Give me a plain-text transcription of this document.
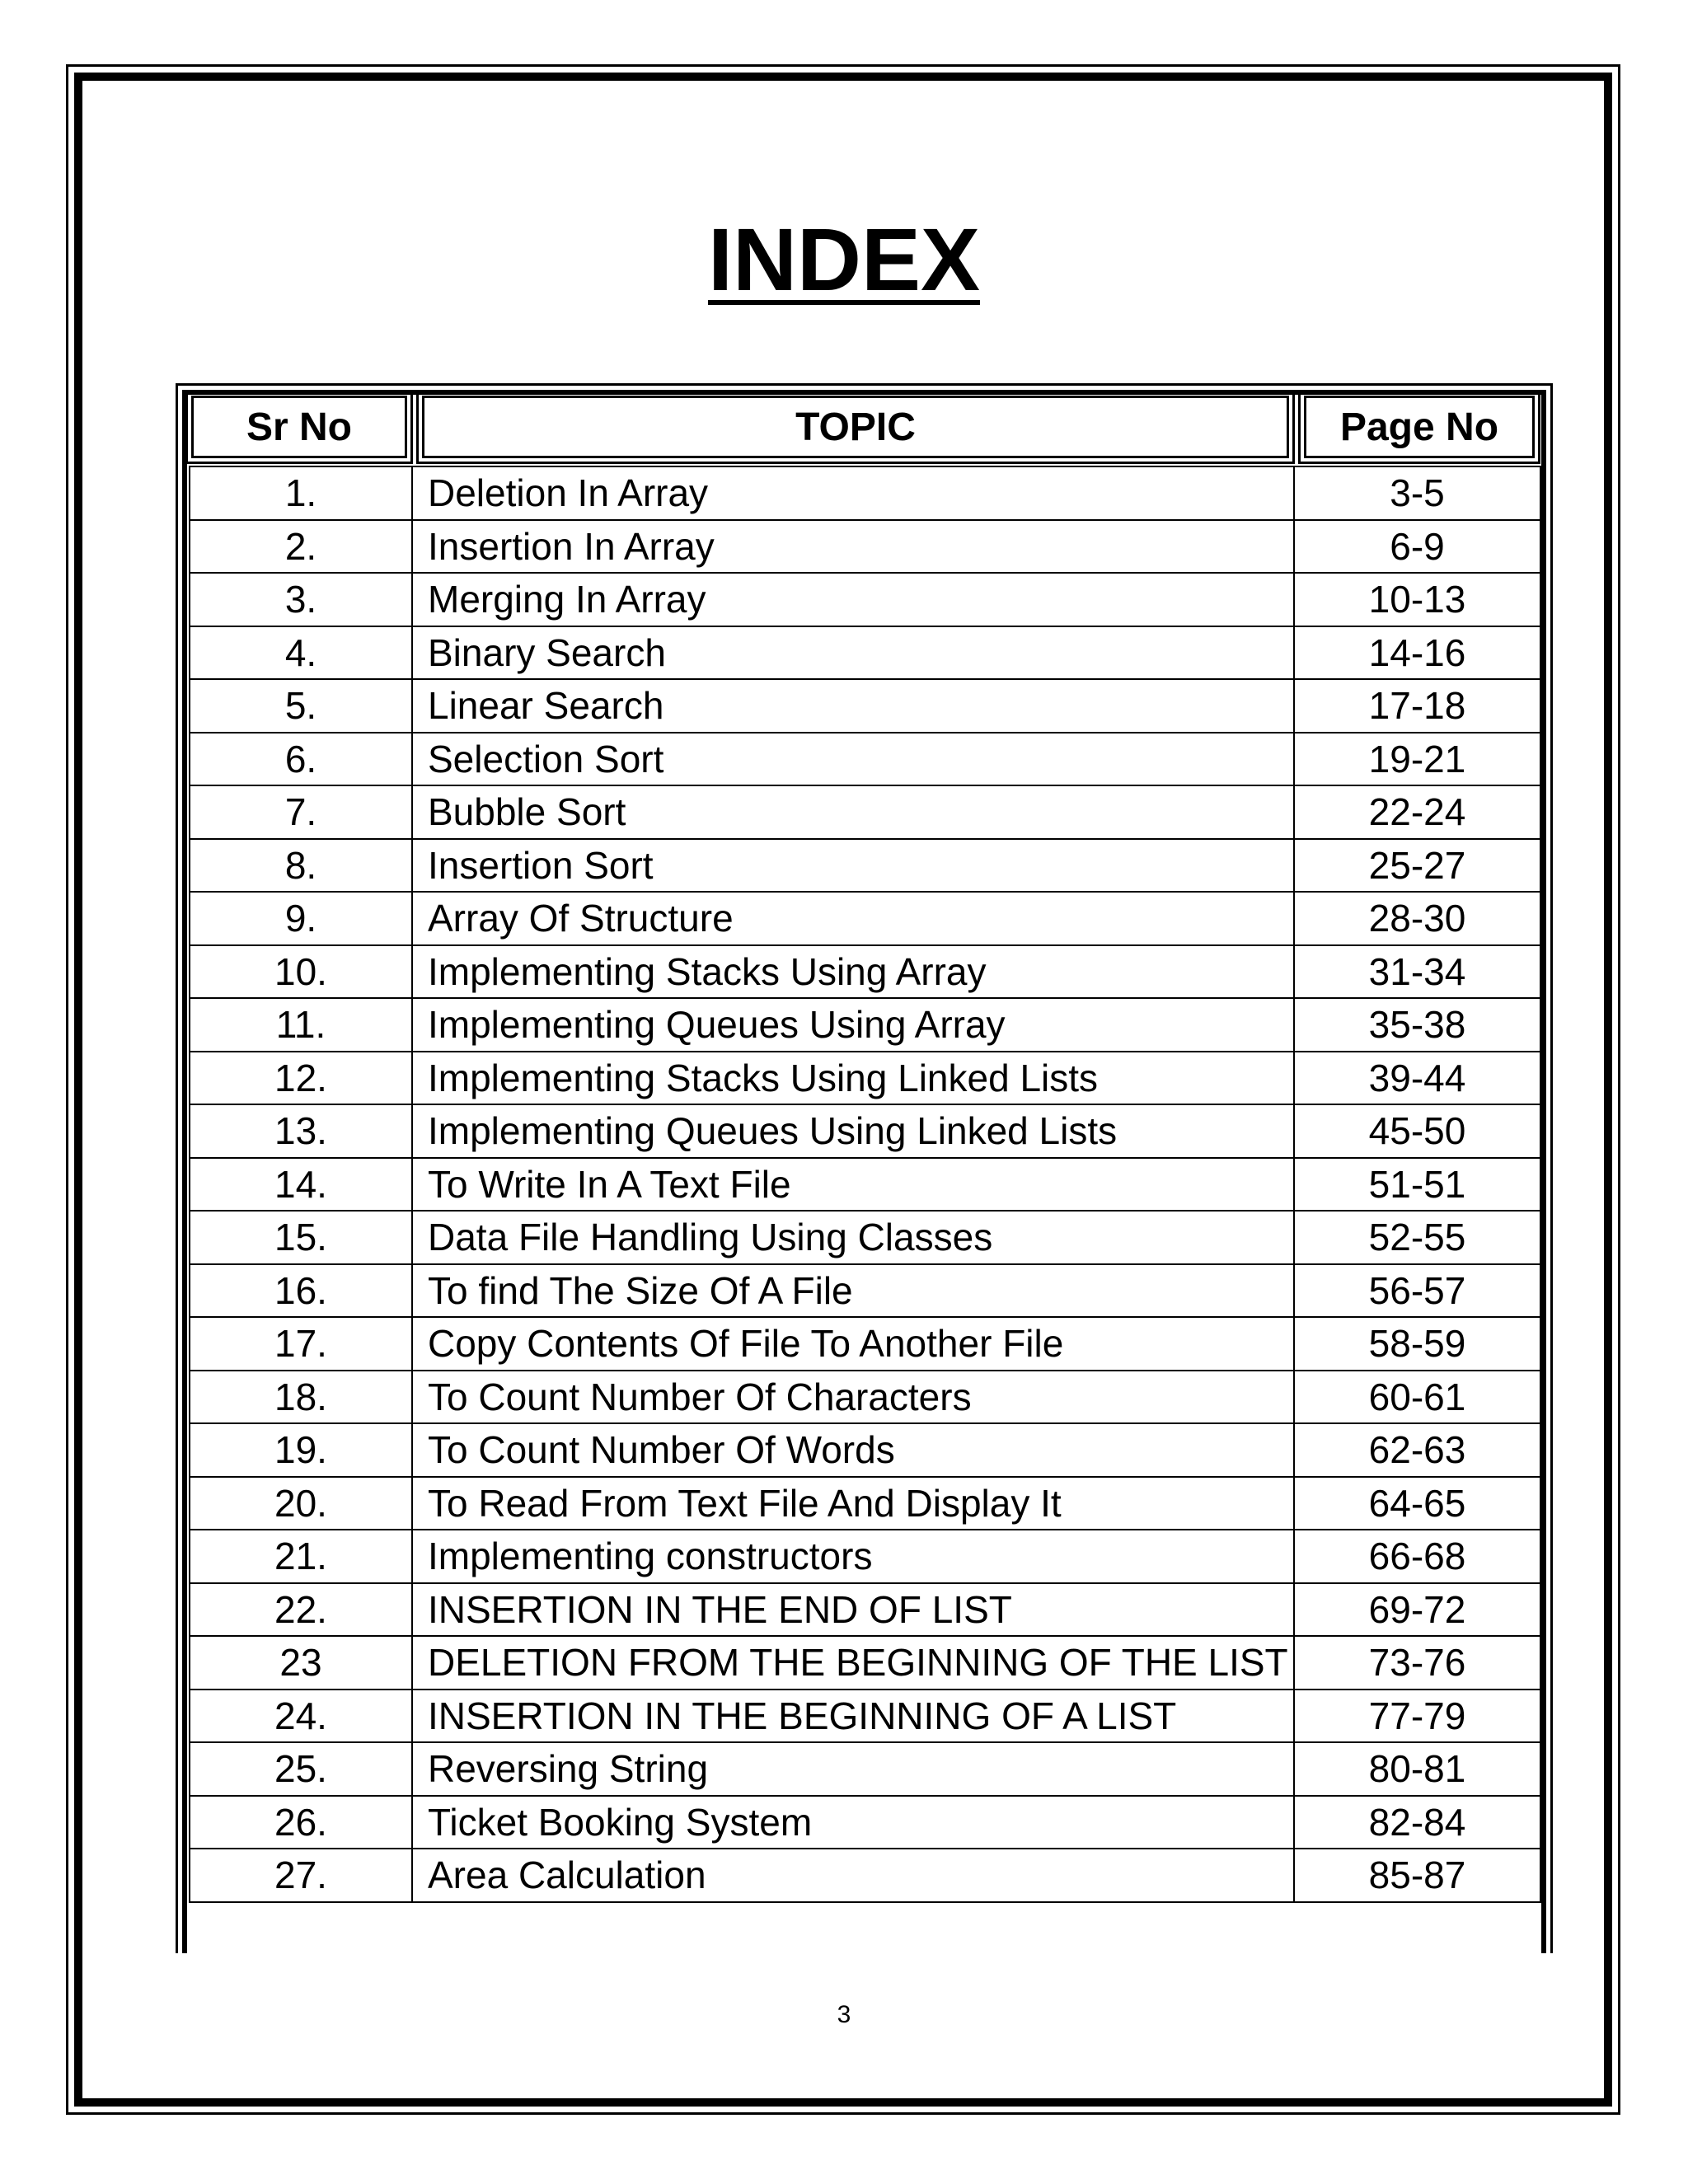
INDEX
Sr No	TOPIC	Page No
1.	Deletion In Array	3-5
2.	Insertion In Array	6-9
3.	Merging In Array	10-13
4.	Binary Search	14-16
5.	Linear Search	17-18
6.	Selection Sort	19-21
7.	Bubble Sort	22-24
8.	Insertion Sort	25-27
9.	Array Of Structure	28-30
10.	Implementing Stacks Using Array	31-34
11.	Implementing Queues Using Array	35-38
12.	Implementing Stacks Using Linked Lists	39-44
13.	Implementing Queues Using Linked Lists	45-50
14.	To Write In A Text File	51-51
15.	Data File Handling Using Classes	52-55
16.	To find The Size Of A File	56-57
17.	Copy Contents Of File To Another File	58-59
18.	To Count Number Of Characters	60-61
19.	To Count Number Of Words	62-63
20.	To Read From Text File And Display It	64-65
21.	Implementing constructors	66-68
22.	INSERTION IN THE END OF LIST	69-72
23	DELETION FROM THE BEGINNING OF THE LIST	73-76
24.	INSERTION IN THE BEGINNING OF A LIST	77-79
25.	Reversing String	80-81
26.	Ticket Booking System	82-84
27.	Area Calculation	85-87
3
